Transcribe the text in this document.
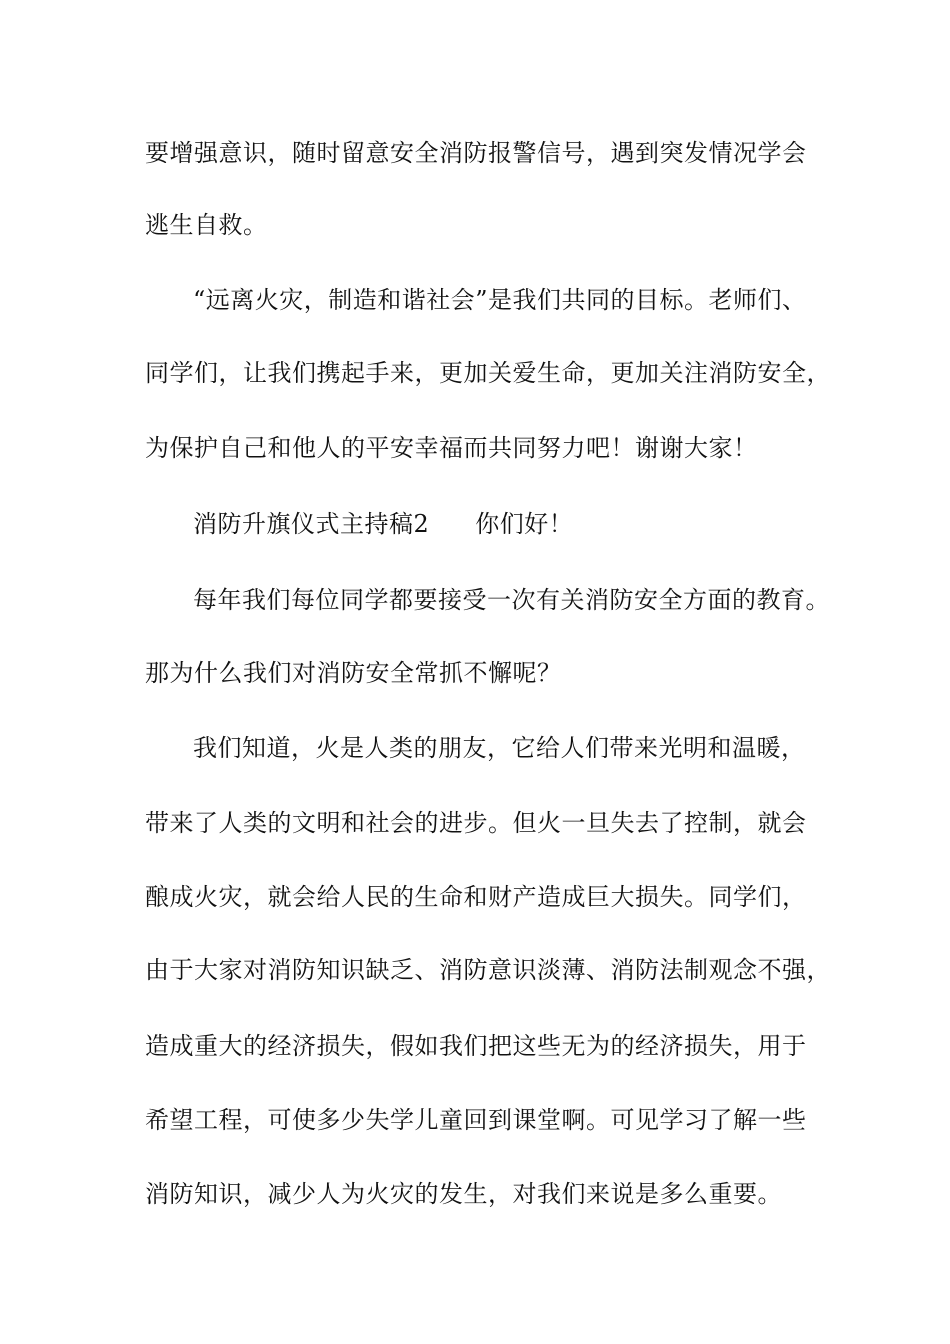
要增强意识，随时留意安全消防报警信号，遇到突发情况学会
逃生自救。
“远离火灾，制造和谐社会”是我们共同的目标。老师们、
同学们，让我们携起手来，更加关爱生命，更加关注消防安全，
为保护自己和他人的平安幸福而共同努力吧！谢谢大家！
消防升旗仪式主持稿2 你们好！
每年我们每位同学都要接受一次有关消防安全方面的教育。
那为什么我们对消防安全常抓不懈呢？
我们知道，火是人类的朋友，它给人们带来光明和温暖，
带来了人类的文明和社会的进步。但火一旦失去了控制，就会
酿成火灾，就会给人民的生命和财产造成巨大损失。同学们，
由于大家对消防知识缺乏、消防意识淡薄、消防法制观念不强，
造成重大的经济损失，假如我们把这些无为的经济损失，用于
希望工程，可使多少失学儿童回到课堂啊。可见学习了解一些
消防知识，减少人为火灾的发生，对我们来说是多么重要。
